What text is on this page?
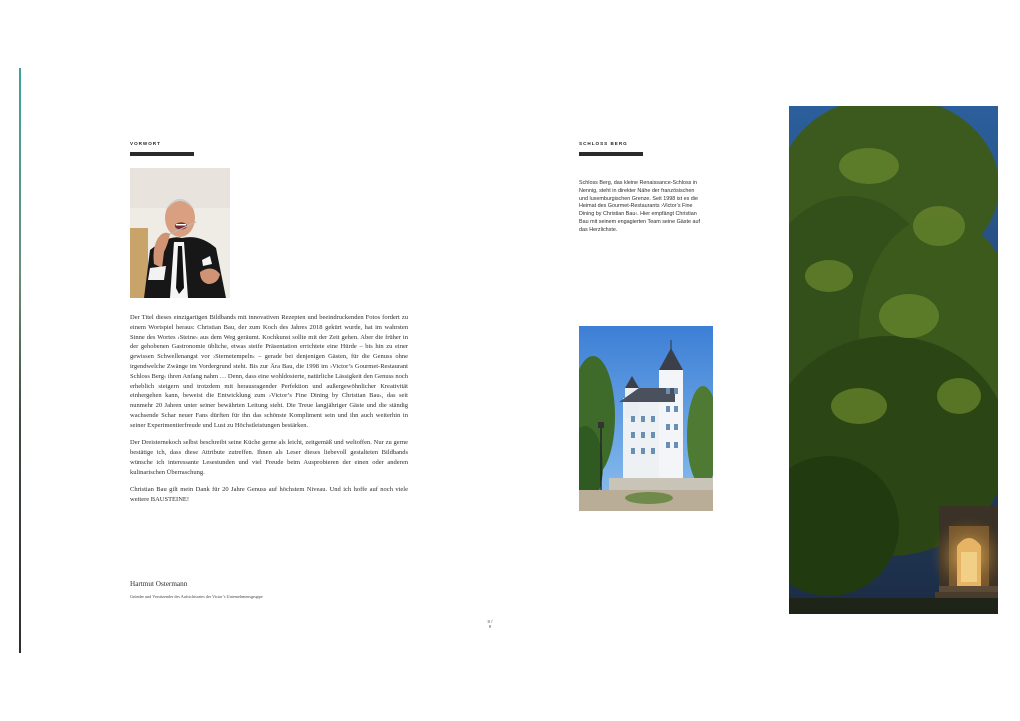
VORWORT

Der Titel dieses einzigartigen Bildbands mit innovativen Rezepten und beeindruckenden Fotos fordert zu einem Wortspiel heraus: Christian Bau, der zum Koch des Jahres 2018 gekürt wurde, hat im wahrsten Sinne des Wortes ›Steine‹ aus dem Weg geräumt. Kochkunst sollte mit der Zeit gehen. Aber die früher in der gehobenen Gastronomie übliche, etwas steife Präsentation errichtete eine Hürde – bis hin zu einer gewissen Schwellenangst vor ›Sternetempeln‹ – gerade bei denjenigen Gästen, für die Genuss ohne irgendwelche Zwänge im Vordergrund steht. Bis zur Ära Bau, die 1998 im ›Victor’s Gourmet-Restaurant Schloss Berg‹ ihren Anfang nahm … Denn, dass eine wohldosierte, natürliche Lässigkeit den Genuss noch erheblich steigern und trotzdem mit herausragender Perfektion und außergewöhnlicher Kreativität einhergehen kann, beweist die Entwicklung zum ›Victor’s Fine Dining by Christian Bau‹, das seit nunmehr 20 Jahren unter seiner bewährten Leitung steht. Die Treue langjähriger Gäste und die ständig wachsende Schar neuer Fans dürften für ihn das schönste Kompliment sein und ihn auch weiterhin in seiner Experimentierfreude und Lust zu Höchstleistungen bestärken.

Der Dreisternekoch selbst beschreibt seine Küche gerne als leicht, zeitgemäß und weltoffen. Nur zu gerne bestätige ich, dass diese Attribute zutreffen. Ihnen als Leser dieses liebevoll gestalteten Bildbands wünsche ich interessante Lesestunden und viel Freude beim Ausprobieren der einen oder anderen kulinarischen Überraschung.

Christian Bau gilt mein Dank für 20 Jahre Genuss auf höchstem Niveau. Und ich hoffe auf noch viele weitere BAUSTEINE!

Hartmut Ostermann
Gründer und Vorsitzender des Aufsichtsrates der Victor’s Unternehmensgruppe
8 / 9
SCHLOSS BERG
Schloss Berg, das kleine Renaissance-Schloss in Nennig, steht in direkter Nähe der französischen und luxemburgischen Grenze. Seit 1998 ist es die Heimat des Gourmet-Restaurants ›Victor’s Fine Dining by Christian Bau‹. Hier empfängt Christian Bau mit seinem engagierten Team seine Gäste auf das Herzlichste.
